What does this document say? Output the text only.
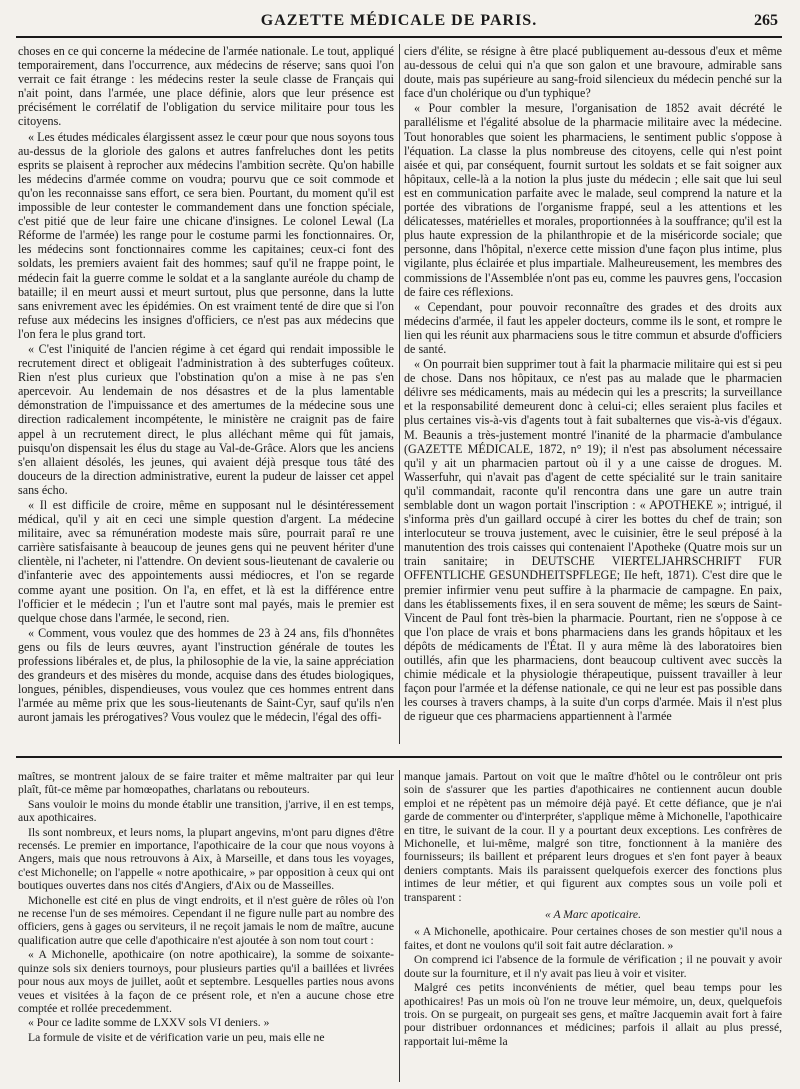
GAZETTE MÉDICALE DE PARIS.	265

choses en ce qui concerne la médecine de l'armée nationale. Le tout, appliqué temporairement, dans l'occurrence, aux médecins de réserve; sans quoi l'on verrait ce fait étrange : les médecins rester la seule classe de Français qui n'ait point, dans l'armée, une place définie, alors que leur présence est précisément le corrélatif de l'obligation du service militaire pour tous les citoyens.

« Les études médicales élargissent assez le cœur pour que nous soyons tous au-dessus de la gloriole des galons et autres fanfreluches dont les petits esprits se plaisent à reprocher aux médecins l'ambition secrète. Qu'on habille les médecins d'armée comme on voudra; pourvu que ce soit commode et qu'on les reconnaisse sans effort, ce sera bien. Pourtant, du moment qu'il est impossible de leur contester le commandement dans une fonction spéciale, c'est pitié que de leur faire une chicane d'insignes. Le colonel Lewal (La Réforme de l'armée) les range pour le costume parmi les fonctionnaires. Or, les médecins sont fonctionnaires comme les capitaines; ceux-ci font des soldats, les premiers avaient fait des hommes; sauf qu'il ne frappe point, le médecin fait la guerre comme le soldat et a la sanglante auréole du champ de bataille; il en meurt aussi et meurt surtout, plus que personne, dans la lutte sans enivrement avec les épidémies. On est vraiment tenté de dire que si l'on refuse aux médecins les insignes d'officiers, ce n'est pas aux médecins que l'on fera le plus grand tort.

« C'est l'iniquité de l'ancien régime à cet égard qui rendait impossible le recrutement direct et obligeait l'administration à des subterfuges coûteux. Rien n'est plus curieux que l'obstination qu'on a mise à ne pas s'en apercevoir. Au lendemain de nos désastres et de la plus lamentable démonstration de l'impuissance et des amertumes de la médecine sous une direction radicalement incompétente, le ministère ne craignit pas de faire appel à un recrutement direct, le plus alléchant même qui fût jamais, puisqu'on dispensait les élus du stage au Val-de-Grâce. Alors que les anciens s'en allaient désolés, les jeunes, qui avaient déjà presque tous tâté des douceurs de la direction administrative, eurent la pudeur de laisser cet appel sans écho.

« Il est difficile de croire, même en supposant nul le désintéressement médical, qu'il y ait en ceci une simple question d'argent. La médecine militaire, avec sa rémunération modeste mais sûre, pourrait paraî re une carrière satisfaisante à beaucoup de jeunes gens qui ne peuvent hériter d'une clientèle, ni l'acheter, ni l'attendre. On devient sous-lieutenant de cavalerie ou d'infanterie avec des appointements aussi médiocres, et l'on se regarde comme ayant une position. On l'a, en effet, et là est la différence entre l'officier et le médecin ; l'un et l'autre sont mal payés, mais le premier est quelque chose dans l'armée, le second, rien.

« Comment, vous voulez que des hommes de 23 à 24 ans, fils d'honnêtes gens ou fils de leurs œuvres, ayant l'instruction générale de toutes les professions libérales et, de plus, la philosophie de la vie, la saine appréciation des grandeurs et des misères du monde, acquise dans des études biologiques, longues, pénibles, dispendieuses, vous voulez que ces hommes entrent dans l'armée au même prix que les sous-lieutenants de Saint-Cyr, sauf qu'ils n'en auront jamais les prérogatives? Vous voulez que le médecin, l'égal des offi-

ciers d'élite, se résigne à être placé publiquement au-dessous d'eux et même au-dessous de celui qui n'a que son galon et une bravoure, admirable sans doute, mais pas supérieure au sang-froid silencieux du médecin penché sur la face d'un cholérique ou d'un typhique?

« Pour combler la mesure, l'organisation de 1852 avait décrété le parallélisme et l'égalité absolue de la pharmacie militaire avec la médecine. Tout honorables que soient les pharmaciens, le sentiment public s'oppose à l'équation. La classe la plus nombreuse des citoyens, celle qui n'est point aisée et qui, par conséquent, fournit surtout les soldats et se fait soigner aux hôpitaux, celle-là a la notion la plus juste du médecin ; elle sait que lui seul est en communication parfaite avec le malade, seul comprend la nature et la portée des vibrations de l'organisme frappé, seul a les attentions et les délicatesses, matérielles et morales, proportionnées à la souffrance; qu'il est la plus haute expression de la philanthropie et de la miséricorde sociale; que personne, dans l'hôpital, n'exerce cette mission d'une façon plus intime, plus vigilante, plus éclairée et plus impartiale. Malheureusement, les membres des commissions de l'Assemblée n'ont pas eu, comme les pauvres gens, l'occasion de faire ces réflexions.

« Cependant, pour pouvoir reconnaître des grades et des droits aux médecins d'armée, il faut les appeler docteurs, comme ils le sont, et rompre le lien qui les réunit aux pharmaciens sous le titre commun et absurde d'officiers de santé.

« On pourrait bien supprimer tout à fait la pharmacie militaire qui est si peu de chose. Dans nos hôpitaux, ce n'est pas au malade que le pharmacien délivre ses médicaments, mais au médecin qui les a prescrits; la surveillance et la responsabilité demeurent donc à celui-ci; elles seraient plus faciles et plus certaines vis-à-vis d'agents tout à fait subalternes que vis-à-vis d'égaux. M. Beaunis a très-justement montré l'inanité de la pharmacie d'ambulance (GAZETTE MÉDICALE, 1872, n° 19); il n'est pas absolument nécessaire qu'il y ait un pharmacien partout où il y a une caisse de drogues. M. Wasserfuhr, qui n'avait pas d'agent de cette spécialité sur le train sanitaire qu'il commandait, raconte qu'il rencontra dans une gare un autre train semblable dont un wagon portait l'inscription : « APOTHEKE »; intrigué, il s'informa près d'un gaillard occupé à cirer les bottes du chef de train; son interlocuteur se trouva justement, avec le cuisinier, être le seul préposé à la manutention des trois caisses qui contenaient l'Apotheke (Quatre mois sur un train sanitaire; in DEUTSCHE VIERTELJAHRSCHRIFT FUR OFFENTLICHE GESUNDHEITSPFLEGE; IIe heft, 1871). C'est dire que le premier infirmier venu peut suffire à la pharmacie de campagne. En paix, dans les établissements fixes, il en sera souvent de même; les sœurs de Saint-Vincent de Paul font très-bien la pharmacie. Pourtant, rien ne s'oppose à ce que l'on place de vrais et bons pharmaciens dans les grands hôpitaux et les dépôts de médicaments de l'État. Il y aura même là des laboratoires bien outillés, afin que les pharmaciens, dont beaucoup cultivent avec succès la chimie médicale et la physiologie thérapeutique, puissent travailler à leur façon pour l'armée et la défense nationale, ce qui ne leur est pas possible dans les courses à travers champs, à la suite d'un corps d'armée. Mais il n'est plus de rigueur que ces pharmaciens appartiennent à l'armée

maîtres, se montrent jaloux de se faire traiter et même maltraiter par qui leur plaît, fût-ce même par homœopathes, charlatans ou rebouteurs.

Sans vouloir le moins du monde établir une transition, j'arrive, il en est temps, aux apothicaires.

Ils sont nombreux, et leurs noms, la plupart angevins, m'ont paru dignes d'être recensés. Le premier en importance, l'apothicaire de la cour que nous voyons à Angers, mais que nous retrouvons à Aix, à Marseille, et dans tous les voyages, c'est Michonelle; on l'appelle « notre apothicaire, » par opposition à ceux qui ont boutiques ouvertes dans nos cités d'Angiers, d'Aix ou de Masseilles.

Michonelle est cité en plus de vingt endroits, et il n'est guère de rôles où l'on ne recense l'un de ses mémoires. Cependant il ne figure nulle part au nombre des officiers, gens à gages ou serviteurs, il ne reçoit jamais le nom de maître, aucune qualification autre que celle d'apothicaire n'est ajoutée à son nom tout court :

« A Michonelle, apothicaire (on notre apothicaire), la somme de soixante-quinze sols six deniers tournoys, pour plusieurs parties qu'il a baillées et livrées pour nous aux moys de juillet, août et septembre. Lesquelles parties nous avons veues et visitées à la façon de ce présent role, et n'en a aucune chose etre comptée et rollée precedemment.

« Pour ce ladite somme de LXXV sols VI deniers. »

La formule de visite et de vérification varie un peu, mais elle ne

manque jamais. Partout on voit que le maître d'hôtel ou le contrôleur ont pris soin de s'assurer que les parties d'apothicaires ne contiennent aucun double emploi et ne répètent pas un mémoire déjà payé. Et cette défiance, que je n'ai garde de commenter ou d'interpréter, s'applique même à Michonelle, l'apothicaire en titre, le suivant de la cour. Il y a pourtant deux exceptions. Les confrères de Michonelle, et lui-même, malgré son titre, fonctionnent à la manière des fournisseurs; ils baillent et préparent leurs drogues et s'en font payer à beaux deniers comptants. Mais ils paraissent quelquefois exercer des fonctions plus intimes de leur métier, et qui figurent aux comptes sous un voile poli et transparent :

« A Marc apoticaire.

« A Michonelle, apothicaire. Pour certaines choses de son mestier qu'il nous a faites, et dont ne voulons qu'il soit fait autre déclaration. »

On comprend ici l'absence de la formule de vérification ; il ne pouvait y avoir doute sur la fourniture, et il n'y avait pas lieu à voir et visiter.

Malgré ces petits inconvénients de métier, quel beau temps pour les apothicaires! Pas un mois où l'on ne trouve leur mémoire, un, deux, quelquefois trois. On se purgeait, on purgeait ses gens, et maître Jacquemin avait fort à faire pour distribuer ordonnances et médicines; parfois il allait au plus pressé, rapportait lui-même la
